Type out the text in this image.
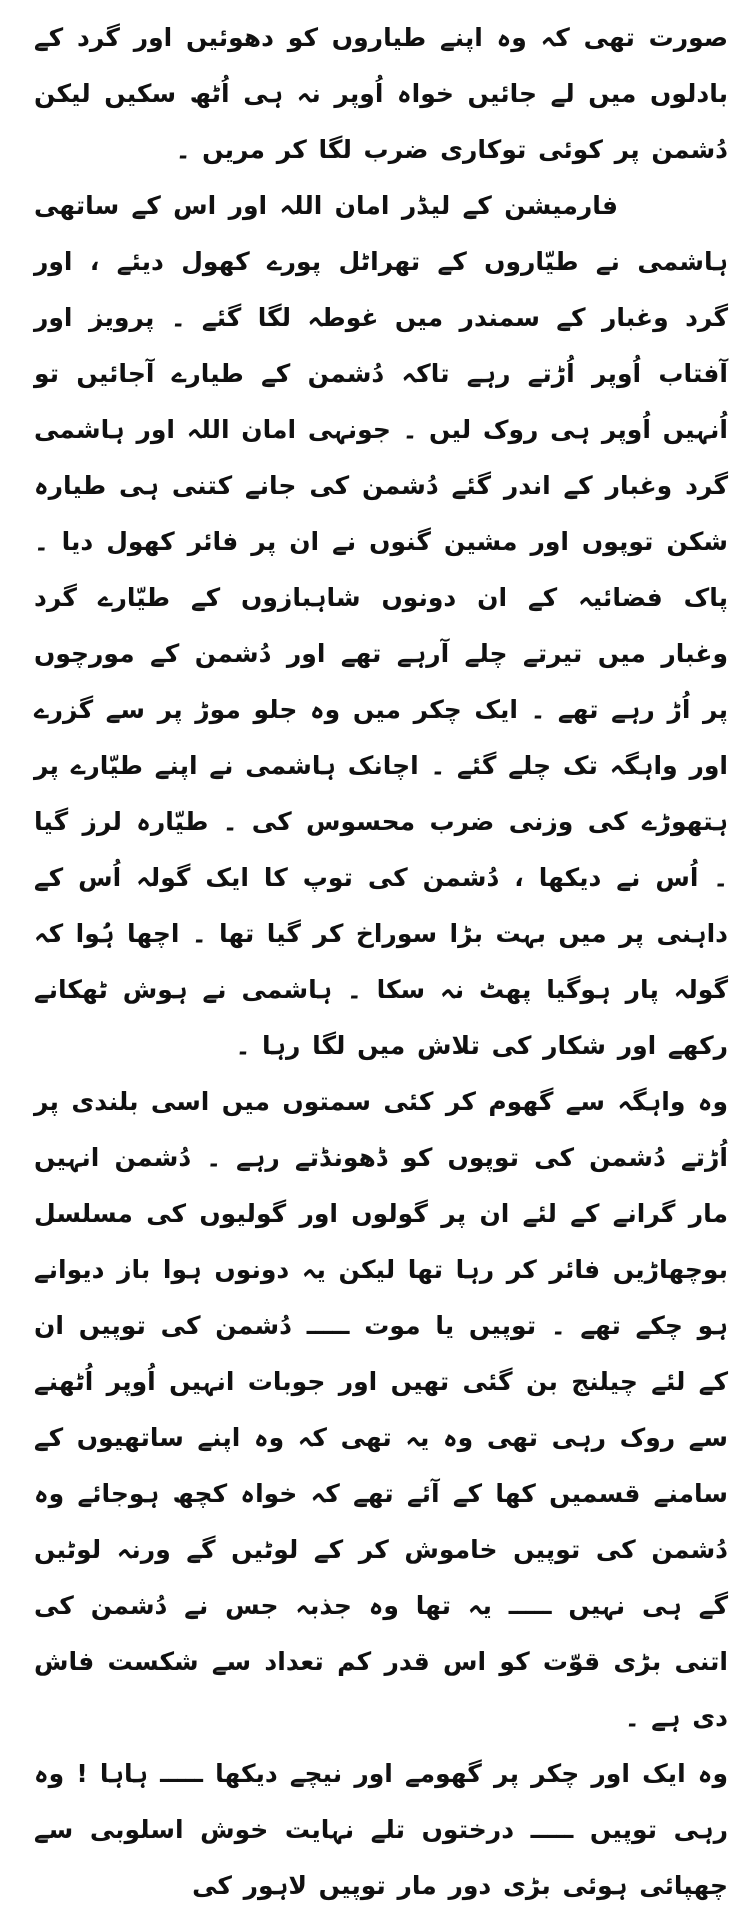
صورت تھی کہ وہ اپنے طیاروں کو دھوئیں اور گرد کے بادلوں میں لے جائیں خواہ اُوپر نہ ہی اُٹھ سکیں لیکن دُشمن پر کوئی توکاری ضرب لگا کر مریں ۔

فارمیشن کے لیڈر امان اللہ اور اس کے ساتھی ہاشمی نے طیّاروں کے تھراٹل پورے کھول دیئے ، اور گرد وغبار کے سمندر میں غوطہ لگا گئے ۔ پرویز اور آفتاب اُوپر اُڑتے رہے تاکہ دُشمن کے طیارے آجائیں تو اُنہیں اُوپر ہی روک لیں ۔ جونہی امان اللہ اور ہاشمی گرد وغبار کے اندر گئے دُشمن کی جانے کتنی ہی طیارہ شکن توپوں اور مشین گنوں نے ان پر فائر کھول دیا ۔ پاک فضائیہ کے ان دونوں شاہبازوں کے طیّارے گرد وغبار میں تیرتے چلے آرہے تھے اور دُشمن کے مورچوں پر اُڑ رہے تھے ۔ ایک چکر میں وہ جلو موڑ پر سے گزرے اور واہگہ تک چلے گئے ۔ اچانک ہاشمی نے اپنے طیّارے پر ہتھوڑے کی وزنی ضرب محسوس کی ۔ طیّارہ لرز گیا ۔ اُس نے دیکھا ، دُشمن کی توپ کا ایک گولہ اُس کے داہنی پر میں بہت بڑا سوراخ کر گیا تھا ۔ اچھا ہُوا کہ گولہ پار ہوگیا پھٹ نہ سکا ۔ ہاشمی نے ہوش ٹھکانے رکھے اور شکار کی تلاش میں لگا رہا ۔

وہ واہگہ سے گھوم کر کئی سمتوں میں اسی بلندی پر اُڑتے دُشمن کی توپوں کو ڈھونڈتے رہے ۔ دُشمن انہیں مار گرانے کے لئے ان پر گولوں اور گولیوں کی مسلسل بوچھاڑیں فائر کر رہا تھا لیکن یہ دونوں ہوا باز دیوانے ہو چکے تھے ۔ توپیں یا موت ـــــ دُشمن کی توپیں ان کے لئے چیلنج بن گئی تھیں اور جوبات انہیں اُوپر اُٹھنے سے روک رہی تھی وہ یہ تھی کہ وہ اپنے ساتھیوں کے سامنے قسمیں کھا کے آئے تھے کہ خواہ کچھ ہوجائے وہ دُشمن کی توپیں خاموش کر کے لوٹیں گے ورنہ لوٹیں گے ہی نہیں ـــــ یہ تھا وہ جذبہ جس نے دُشمن کی اتنی بڑی قوّت کو اس قدر کم تعداد سے شکست فاش دی ہے ۔

وہ ایک اور چکر پر گھومے اور نیچے دیکھا ـــــ ہاہا ! وہ رہی توپیں ـــــ درختوں تلے نہایت خوش اسلوبی سے چھپائی ہوئی بڑی دور مار توپیں لاہور کی
